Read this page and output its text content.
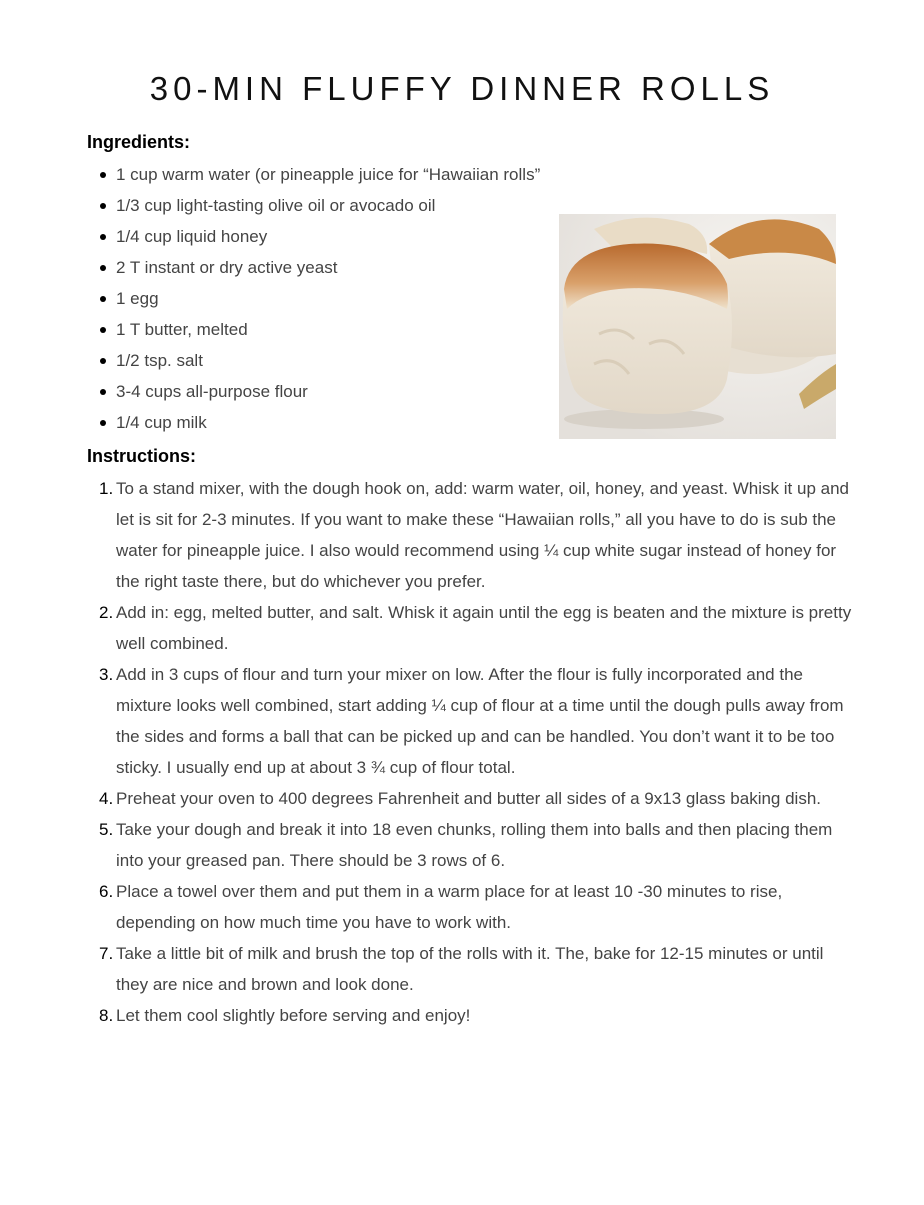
30-MIN FLUFFY DINNER ROLLS
Ingredients:
1 cup warm water (or pineapple juice for “Hawaiian rolls”
1/3 cup light-tasting olive oil or avocado oil
1/4 cup liquid honey
2 T instant or dry active yeast
1 egg
1 T butter, melted
1/2 tsp. salt
3-4 cups all-purpose flour
1/4 cup milk
Instructions:
1. To a stand mixer, with the dough hook on, add: warm water, oil, honey, and yeast. Whisk it up and let is sit for 2-3 minutes. If you want to make these “Hawaiian rolls,” all you have to do is sub the water for pineapple juice. I also would recommend using ¼ cup white sugar instead of honey for the right taste there, but do whichever you prefer.
2. Add in: egg, melted butter, and salt. Whisk it again until the egg is beaten and the mixture is pretty well combined.
3. Add in 3 cups of flour and turn your mixer on low. After the flour is fully incorporated and the mixture looks well combined, start adding ¼ cup of flour at a time until the dough pulls away from the sides and forms a ball that can be picked up and can be handled. You don’t want it to be too sticky. I usually end up at about 3 ¾ cup of flour total.
4. Preheat your oven to 400 degrees Fahrenheit and butter all sides of a 9x13 glass baking dish.
5. Take your dough and break it into 18 even chunks, rolling them into balls and then placing them into your greased pan. There should be 3 rows of 6.
6. Place a towel over them and put them in a warm place for at least 10 -30 minutes to rise, depending on how much time you have to work with.
7. Take a little bit of milk and brush the top of the rolls with it. The, bake for 12-15 minutes or until they are nice and brown and look done.
8. Let them cool slightly before serving and enjoy!
